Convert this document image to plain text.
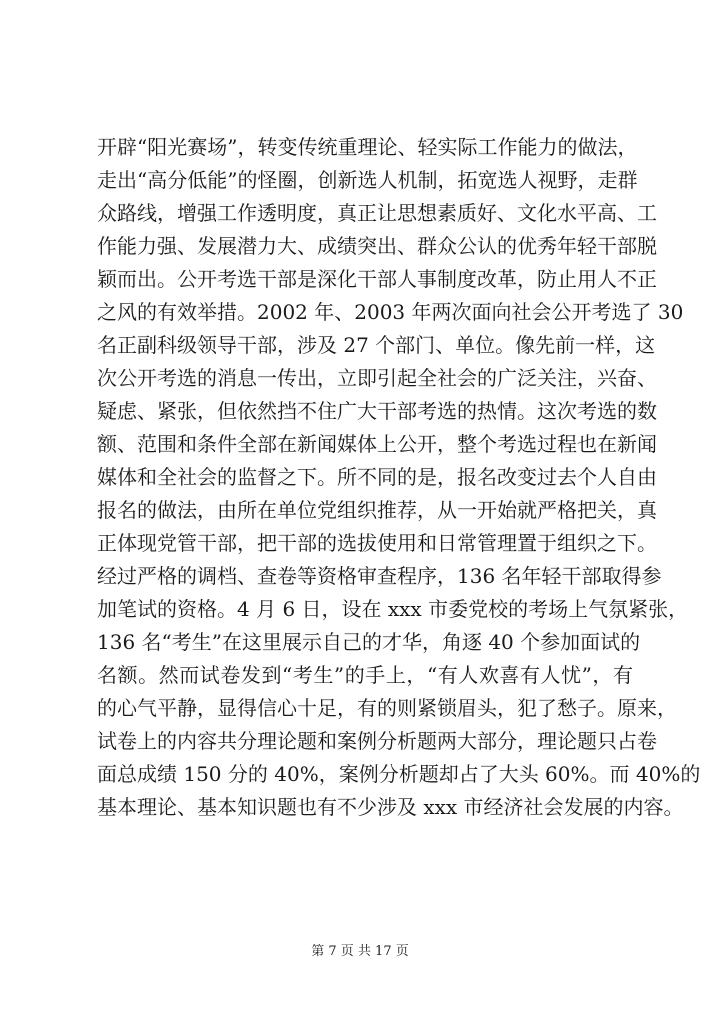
开辟“阳光赛场”，转变传统重理论、轻实际工作能力的做法，
走出“高分低能”的怪圈，创新选人机制，拓宽选人视野，走群
众路线，增强工作透明度，真正让思想素质好、文化水平高、工
作能力强、发展潜力大、成绩突出、群众公认的优秀年轻干部脱
颖而出。公开考选干部是深化干部人事制度改革，防止用人不正
之风的有效举措。2002 年、2003 年两次面向社会公开考选了 30
名正副科级领导干部，涉及 27 个部门、单位。像先前一样，这
次公开考选的消息一传出，立即引起全社会的广泛关注，兴奋、
疑虑、紧张，但依然挡不住广大干部考选的热情。这次考选的数
额、范围和条件全部在新闻媒体上公开，整个考选过程也在新闻
媒体和全社会的监督之下。所不同的是，报名改变过去个人自由
报名的做法，由所在单位党组织推荐，从一开始就严格把关，真
正体现党管干部，把干部的选拔使用和日常管理置于组织之下。
经过严格的调档、查卷等资格审查程序，136 名年轻干部取得参
加笔试的资格。4 月 6 日，设在 xxx 市委党校的考场上气氛紧张，
136 名“考生”在这里展示自己的才华，角逐 40 个参加面试的
名额。然而试卷发到“考生”的手上，“有人欢喜有人忧”，有
的心气平静，显得信心十足，有的则紧锁眉头，犯了愁子。原来，
试卷上的内容共分理论题和案例分析题两大部分，理论题只占卷
面总成绩 150 分的 40%，案例分析题却占了大头 60%。而 40%的
基本理论、基本知识题也有不少涉及 xxx 市经济社会发展的内容。
第 7 页 共 17 页
